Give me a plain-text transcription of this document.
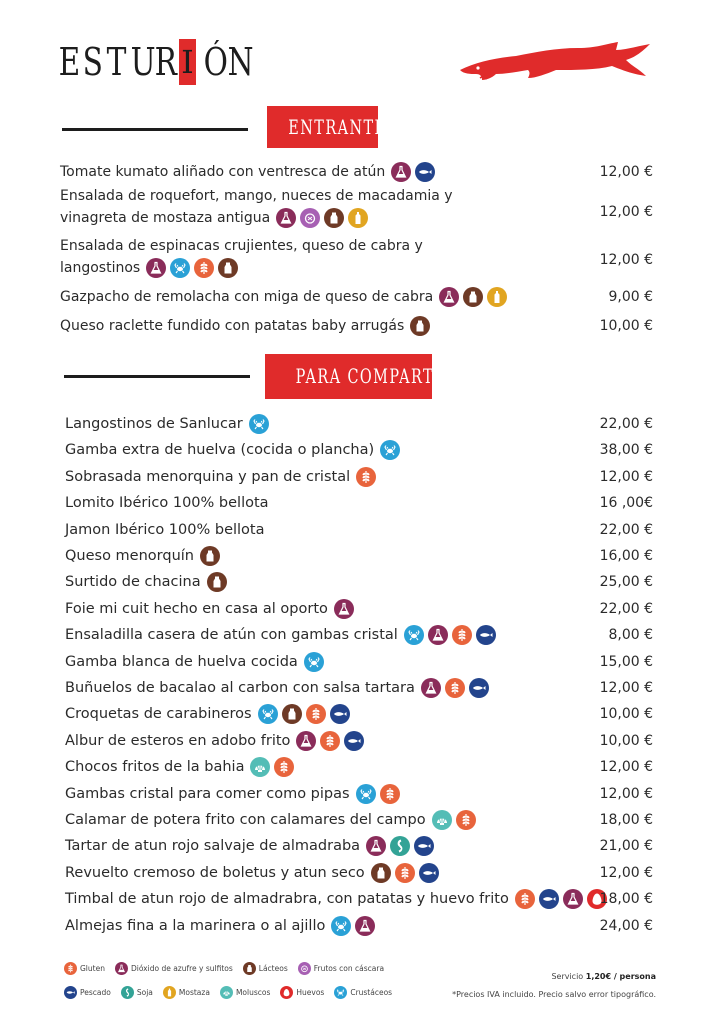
E S T U R I Ó N
ENTRANTES
Tomate kumato aliñado con ventresca de atún	12,00 €
Ensalada de roquefort, mango, nueces de macadamia y
vinagreta de mostaza antigua	12,00 €
Ensalada de espinacas crujientes, queso de cabra y
langostinos	12,00 €
Gazpacho de remolacha con miga de queso de cabra	9,00 €
Queso raclette fundido con patatas baby arrugás	10,00 €
PARA COMPARTIR
Langostinos de Sanlucar	22,00 €
Gamba extra de huelva (cocida o plancha)	38,00 €
Sobrasada menorquina y pan de cristal	12,00 €
Lomito Ibérico 100% bellota	16 ,00€
Jamon Ibérico 100% bellota	22,00 €
Queso menorquín	16,00 €
Surtido de chacina	25,00 €
Foie mi cuit hecho en casa al oporto	22,00 €
Ensaladilla casera de atún con gambas cristal	8,00 €
Gamba blanca de huelva cocida	15,00 €
Buñuelos de bacalao al carbon con salsa tartara	12,00 €
Croquetas de carabineros	10,00 €
Albur de esteros en adobo frito	10,00 €
Chocos fritos de la bahia	12,00 €
Gambas cristal para comer como pipas	12,00 €
Calamar de potera frito con calamares del campo	18,00 €
Tartar de atun rojo salvaje de almadraba	21,00 €
Revuelto cremoso de boletus y atun seco	12,00 €
Timbal de atun rojo de almadrabra, con patatas y huevo frito	18,00 €
Almejas fina a la marinera o al ajillo	24,00 €
Gluten	Dióxido de azufre y sulfitos	Lácteos	Frutos con cáscara
Pescado	Soja	Mostaza	Moluscos	Huevos	Crustáceos
Servicio 1,20€ / persona
*Precios IVA incluido. Precio salvo error tipográfico.
